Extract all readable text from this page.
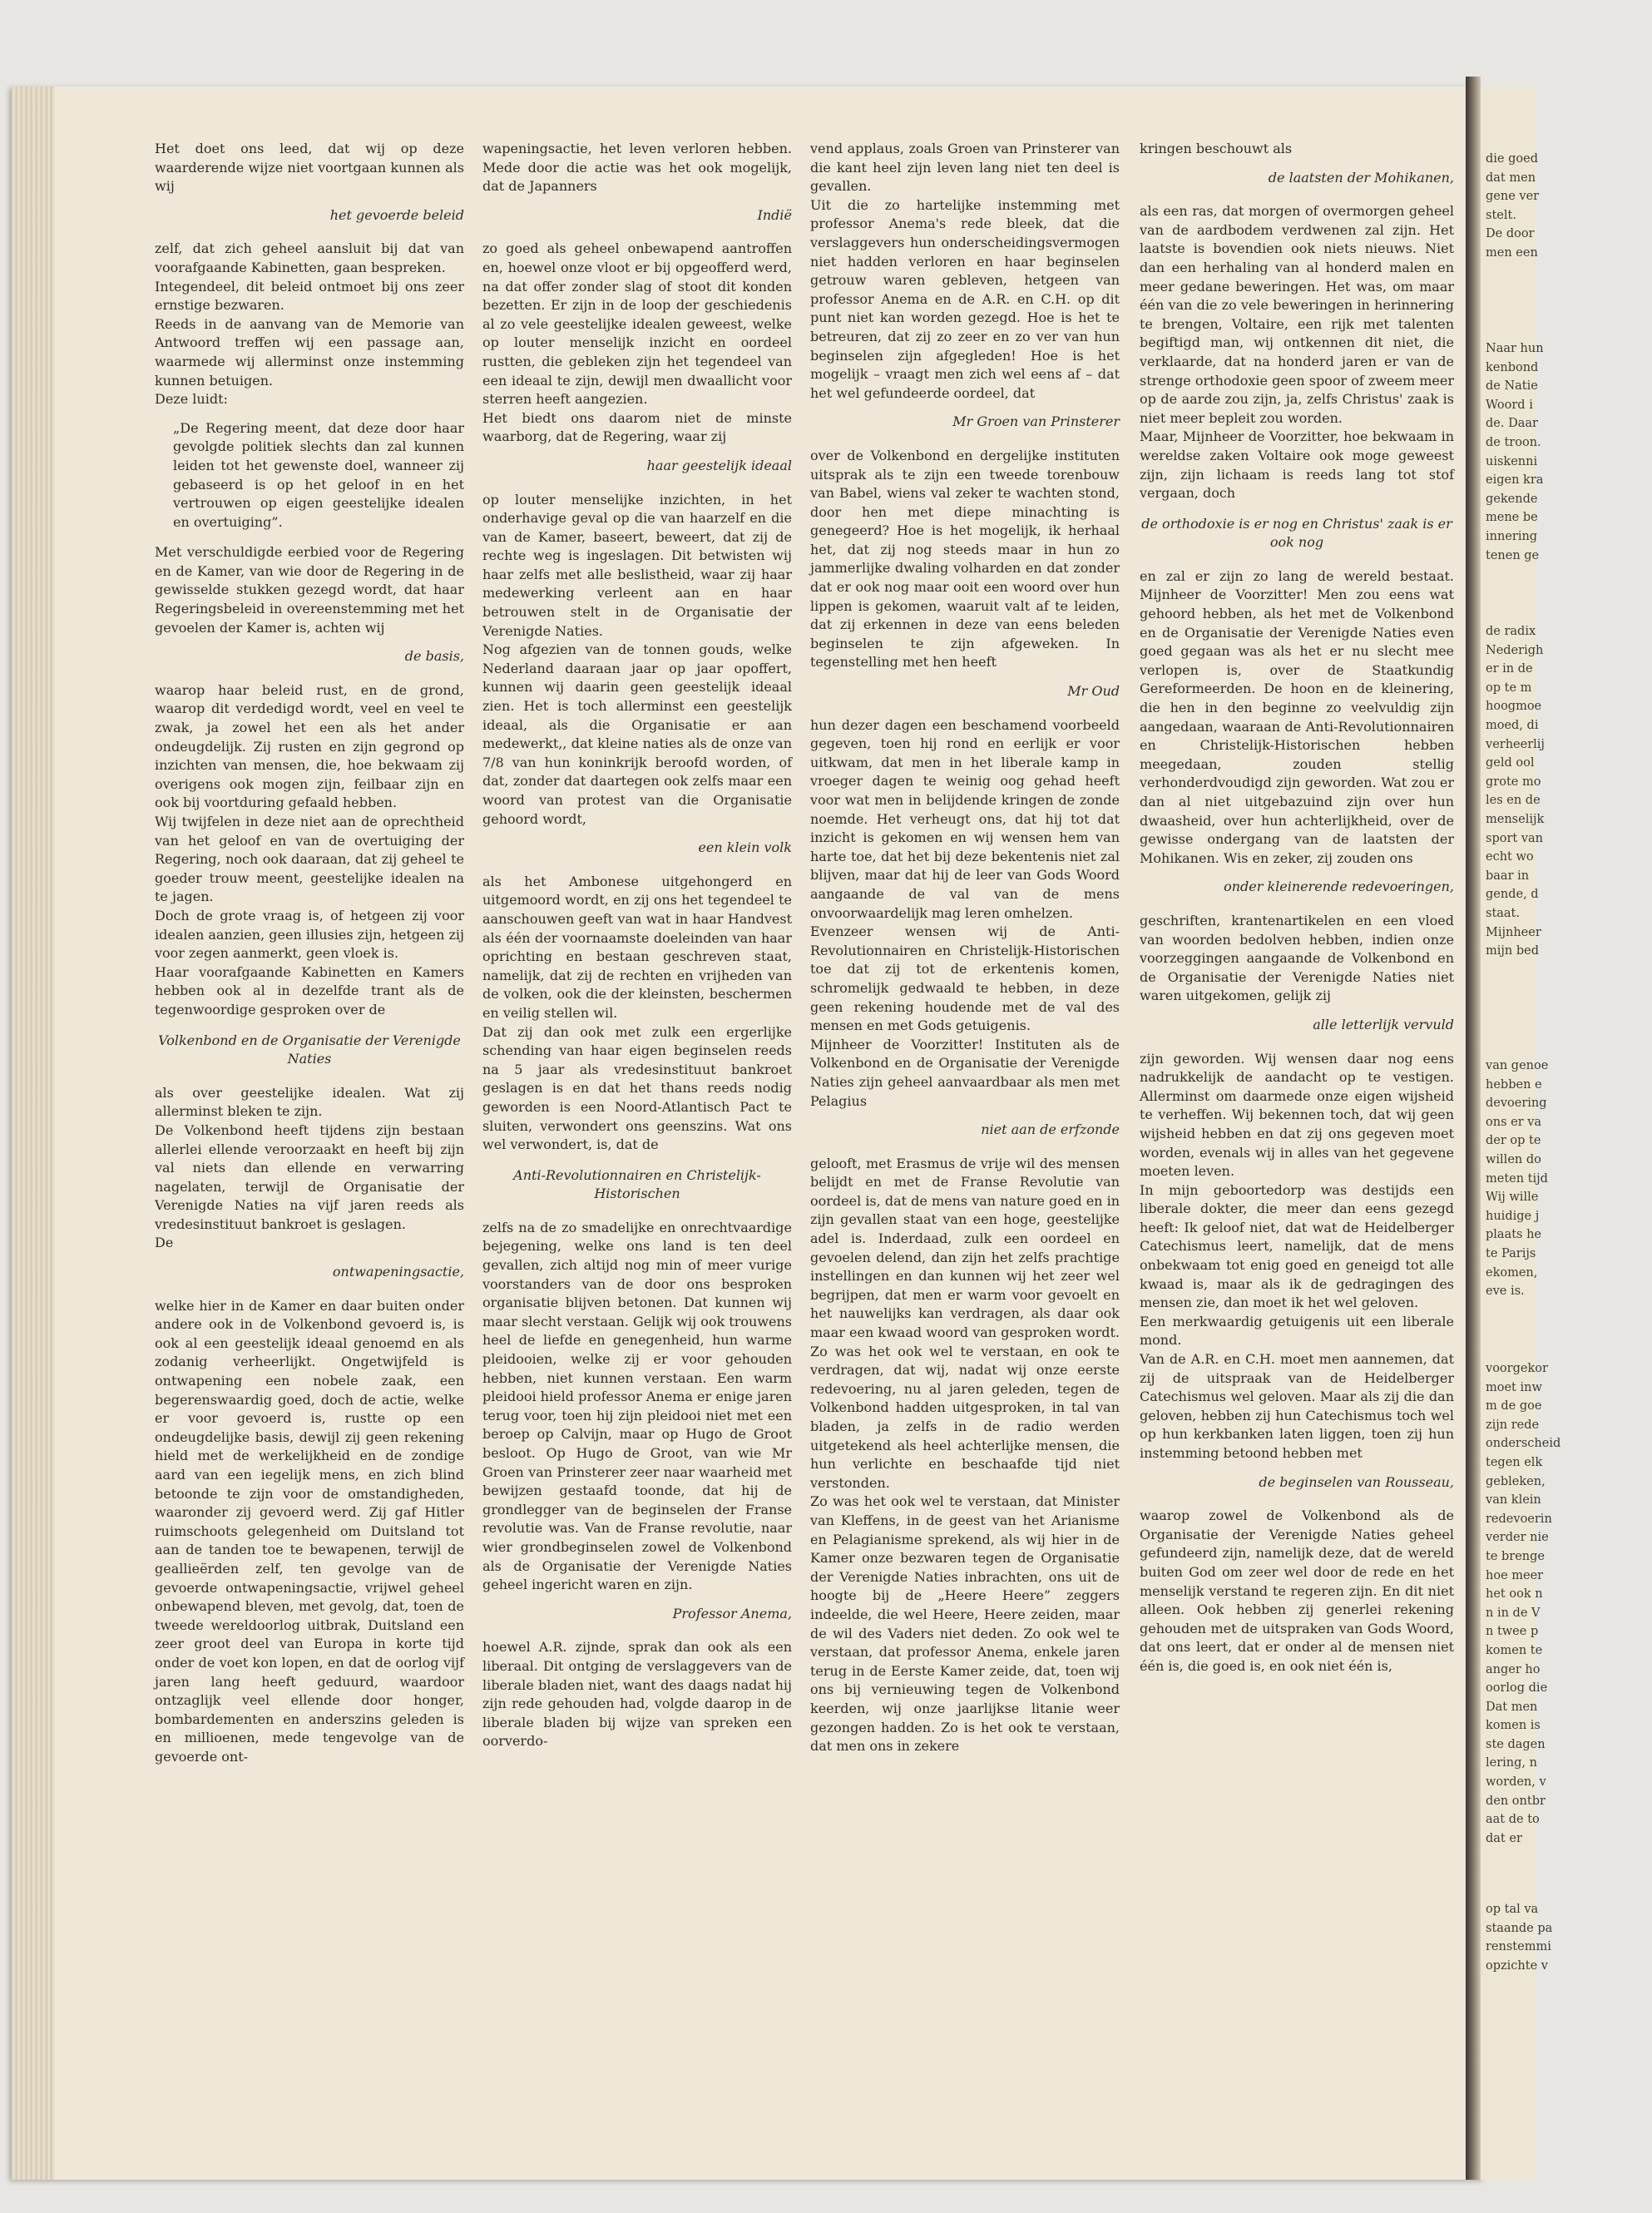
die goed
dat men
gene ver
stelt.
De door
men een
Naar hun
kenbond
de Natie
Woord i
de. Daar
de troon.
uiskenni
eigen kra
gekende
mene be
innering
tenen ge
de radix
Nederigh
er in de
op te m
hoogmoe
moed, di
verheerlij
geld ool
grote mo
les en de
menselijk
sport van
echt wo
baar in
gende, d
staat.
Mijnheer
mijn bed
van genoe
hebben e
devoering
ons er va
der op te
willen do
meten tijd
Wij wille
huidige j
plaats he
te Parijs
ekomen,
eve is.
voorgekor
moet inw
m de goe
zijn rede
onderscheid
tegen elk
gebleken,
van klein
redevoerin
verder nie
te brenge
hoe meer
het ook n
n in de V
n twee p
komen te
anger ho
oorlog die
Dat men
komen is
ste dagen
lering, n
worden, v
den ontbr
aat de to
dat er
op tal va
staande pa
renstemmi
opzichte v

Het doet ons leed, dat wij op deze waarderende wijze niet voortgaan kunnen als wij

het gevoerde beleid

zelf, dat zich geheel aansluit bij dat van voorafgaande Kabinetten, gaan bespreken.

Integendeel, dit beleid ontmoet bij ons zeer ernstige bezwaren.

Reeds in de aanvang van de Memorie van Antwoord treffen wij een passage aan, waarmede wij allerminst onze instemming kunnen betuigen.

Deze luidt:

„De Regering meent, dat deze door haar gevolgde politiek slechts dan zal kunnen leiden tot het gewenste doel, wanneer zij gebaseerd is op het geloof in en het vertrouwen op eigen geestelijke idealen en overtuiging”.

Met verschuldigde eerbied voor de Regering en de Kamer, van wie door de Regering in de gewisselde stukken gezegd wordt, dat haar Regeringsbeleid in overeenstemming met het gevoelen der Kamer is, achten wij

de basis,

waarop haar beleid rust, en de grond, waarop dit verdedigd wordt, veel en veel te zwak, ja zowel het een als het ander ondeugdelijk. Zij rusten en zijn gegrond op inzichten van mensen, die, hoe bekwaam zij overigens ook mogen zijn, feilbaar zijn en ook bij voortduring gefaald hebben.

Wij twijfelen in deze niet aan de oprechtheid van het geloof en van de overtuiging der Regering, noch ook daaraan, dat zij geheel te goeder trouw meent, geestelijke idealen na te jagen.

Doch de grote vraag is, of hetgeen zij voor idealen aanzien, geen illusies zijn, hetgeen zij voor zegen aanmerkt, geen vloek is.

Haar voorafgaande Kabinetten en Kamers hebben ook al in dezelfde trant als de tegenwoordige gesproken over de

Volkenbond en de Organisatie der Verenigde Naties

als over geestelijke idealen. Wat zij allerminst bleken te zijn.

De Volkenbond heeft tijdens zijn bestaan allerlei ellende veroorzaakt en heeft bij zijn val niets dan ellende en verwarring nagelaten, terwijl de Organisatie der Verenigde Naties na vijf jaren reeds als vredesinstituut bankroet is geslagen.

De

ontwapeningsactie,

welke hier in de Kamer en daar buiten onder andere ook in de Volkenbond gevoerd is, is ook al een geestelijk ideaal genoemd en als zodanig verheerlijkt. Ongetwijfeld is ontwapening een nobele zaak, een begerenswaardig goed, doch de actie, welke er voor gevoerd is, rustte op een ondeugdelijke basis, dewijl zij geen rekening hield met de werkelijkheid en de zondige aard van een iegelijk mens, en zich blind betoonde te zijn voor de omstandigheden, waaronder zij gevoerd werd. Zij gaf Hitler ruimschoots gelegenheid om Duitsland tot aan de tanden toe te bewapenen, terwijl de geallieërden zelf, ten gevolge van de gevoerde ontwapeningsactie, vrijwel geheel onbewapend bleven, met gevolg, dat, toen de tweede wereldoorlog uitbrak, Duitsland een zeer groot deel van Europa in korte tijd onder de voet kon lopen, en dat de oorlog vijf jaren lang heeft geduurd, waardoor ontzaglijk veel ellende door honger, bombardementen en anderszins geleden is en millioenen, mede tengevolge van de gevoerde ont-

wapeningsactie, het leven verloren hebben. Mede door die actie was het ook mogelijk, dat de Japanners

Indië

zo goed als geheel onbewapend aantroffen en, hoewel onze vloot er bij opgeofferd werd, na dat offer zonder slag of stoot dit konden bezetten. Er zijn in de loop der geschiedenis al zo vele geestelijke idealen geweest, welke op louter menselijk inzicht en oordeel rustten, die gebleken zijn het tegendeel van een ideaal te zijn, dewijl men dwaallicht voor sterren heeft aangezien.

Het biedt ons daarom niet de minste waarborg, dat de Regering, waar zij

haar geestelijk ideaal

op louter menselijke inzichten, in het onderhavige geval op die van haarzelf en die van de Kamer, baseert, beweert, dat zij de rechte weg is ingeslagen. Dit betwisten wij haar zelfs met alle beslistheid, waar zij haar medewerking verleent aan en haar betrouwen stelt in de Organisatie der Verenigde Naties.

Nog afgezien van de tonnen gouds, welke Nederland daaraan jaar op jaar opoffert, kunnen wij daarin geen geestelijk ideaal zien. Het is toch allerminst een geestelijk ideaal, als die Organisatie er aan medewerkt,, dat kleine naties als de onze van 7/8 van hun koninkrijk beroofd worden, of dat, zonder dat daartegen ook zelfs maar een woord van protest van die Organisatie gehoord wordt,

een klein volk

als het Ambonese uitgehongerd en uitgemoord wordt, en zij ons het tegendeel te aanschouwen geeft van wat in haar Handvest als één der voornaamste doeleinden van haar oprichting en bestaan geschreven staat, namelijk, dat zij de rechten en vrijheden van de volken, ook die der kleinsten, beschermen en veilig stellen wil.

Dat zij dan ook met zulk een ergerlijke schending van haar eigen beginselen reeds na 5 jaar als vredesinstituut bankroet geslagen is en dat het thans reeds nodig geworden is een Noord-Atlantisch Pact te sluiten, verwondert ons geenszins. Wat ons wel verwondert, is, dat de

Anti-Revolutionnairen en Christelijk-Historischen

zelfs na de zo smadelijke en onrechtvaardige bejegening, welke ons land is ten deel gevallen, zich altijd nog min of meer vurige voorstanders van de door ons besproken organisatie blijven betonen. Dat kunnen wij maar slecht verstaan. Gelijk wij ook trouwens heel de liefde en genegenheid, hun warme pleidooien, welke zij er voor gehouden hebben, niet kunnen verstaan. Een warm pleidooi hield professor Anema er enige jaren terug voor, toen hij zijn pleidooi niet met een beroep op Calvijn, maar op Hugo de Groot besloot. Op Hugo de Groot, van wie Mr Groen van Prinsterer zeer naar waarheid met bewijzen gestaafd toonde, dat hij de grondlegger van de beginselen der Franse revolutie was. Van de Franse revolutie, naar wier grondbeginselen zowel de Volkenbond als de Organisatie der Verenigde Naties geheel ingericht waren en zijn.

Professor Anema,

hoewel A.R. zijnde, sprak dan ook als een liberaal. Dit ontging de verslaggevers van de liberale bladen niet, want des daags nadat hij zijn rede gehouden had, volgde daarop in de liberale bladen bij wijze van spreken een oorverdo-

vend applaus, zoals Groen van Prinsterer van die kant heel zijn leven lang niet ten deel is gevallen.

Uit die zo hartelijke instemming met professor Anema's rede bleek, dat die verslaggevers hun onderscheidingsvermogen niet hadden verloren en haar beginselen getrouw waren gebleven, hetgeen van professor Anema en de A.R. en C.H. op dit punt niet kan worden gezegd. Hoe is het te betreuren, dat zij zo zeer en zo ver van hun beginselen zijn afgegleden! Hoe is het mogelijk – vraagt men zich wel eens af – dat het wel gefundeerde oordeel, dat

Mr Groen van Prinsterer

over de Volkenbond en dergelijke instituten uitsprak als te zijn een tweede torenbouw van Babel, wiens val zeker te wachten stond, door hen met diepe minachting is genegeerd? Hoe is het mogelijk, ik herhaal het, dat zij nog steeds maar in hun zo jammerlijke dwaling volharden en dat zonder dat er ook nog maar ooit een woord over hun lippen is gekomen, waaruit valt af te leiden, dat zij erkennen in deze van eens beleden beginselen te zijn afgeweken. In tegenstelling met hen heeft

Mr Oud

hun dezer dagen een beschamend voorbeeld gegeven, toen hij rond en eerlijk er voor uitkwam, dat men in het liberale kamp in vroeger dagen te weinig oog gehad heeft voor wat men in belijdende kringen de zonde noemde. Het verheugt ons, dat hij tot dat inzicht is gekomen en wij wensen hem van harte toe, dat het bij deze bekentenis niet zal blijven, maar dat hij de leer van Gods Woord aangaande de val van de mens onvoorwaardelijk mag leren omhelzen.

Evenzeer wensen wij de Anti-Revolutionnairen en Christelijk-Historischen toe dat zij tot de erkentenis komen, schromelijk gedwaald te hebben, in deze geen rekening houdende met de val des mensen en met Gods getuigenis.

Mijnheer de Voorzitter! Instituten als de Volkenbond en de Organisatie der Verenigde Naties zijn geheel aanvaardbaar als men met Pelagius

niet aan de erfzonde

gelooft, met Erasmus de vrije wil des mensen belijdt en met de Franse Revolutie van oordeel is, dat de mens van nature goed en in zijn gevallen staat van een hoge, geestelijke adel is. Inderdaad, zulk een oordeel en gevoelen delend, dan zijn het zelfs prachtige instellingen en dan kunnen wij het zeer wel begrijpen, dat men er warm voor gevoelt en het nauwelijks kan verdragen, als daar ook maar een kwaad woord van gesproken wordt. Zo was het ook wel te verstaan, en ook te verdragen, dat wij, nadat wij onze eerste redevoering, nu al jaren geleden, tegen de Volkenbond hadden uitgesproken, in tal van bladen, ja zelfs in de radio werden uitgetekend als heel achterlijke mensen, die hun verlichte en beschaafde tijd niet verstonden.

Zo was het ook wel te verstaan, dat Minister van Kleffens, in de geest van het Arianisme en Pelagianisme sprekend, als wij hier in de Kamer onze bezwaren tegen de Organisatie der Verenigde Naties inbrachten, ons uit de hoogte bij de „Heere Heere” zeggers indeelde, die wel Heere, Heere zeiden, maar de wil des Vaders niet deden. Zo ook wel te verstaan, dat professor Anema, enkele jaren terug in de Eerste Kamer zeide, dat, toen wij ons bij vernieuwing tegen de Volkenbond keerden, wij onze jaarlijkse litanie weer gezongen hadden. Zo is het ook te verstaan, dat men ons in zekere

kringen beschouwt als

de laatsten der Mohikanen,

als een ras, dat morgen of overmorgen geheel van de aardbodem verdwenen zal zijn. Het laatste is bovendien ook niets nieuws. Niet dan een herhaling van al honderd malen en meer gedane beweringen. Het was, om maar één van die zo vele beweringen in herinnering te brengen, Voltaire, een rijk met talenten begiftigd man, wij ontkennen dit niet, die verklaarde, dat na honderd jaren er van de strenge orthodoxie geen spoor of zweem meer op de aarde zou zijn, ja, zelfs Christus' zaak is niet meer bepleit zou worden.

Maar, Mijnheer de Voorzitter, hoe bekwaam in wereldse zaken Voltaire ook moge geweest zijn, zijn lichaam is reeds lang tot stof vergaan, doch

de orthodoxie is er nog en Christus' zaak is er ook nog

en zal er zijn zo lang de wereld bestaat. Mijnheer de Voorzitter! Men zou eens wat gehoord hebben, als het met de Volkenbond en de Organisatie der Verenigde Naties even goed gegaan was als het er nu slecht mee verlopen is, over de Staatkundig Gereformeerden. De hoon en de kleinering, die hen in den beginne zo veelvuldig zijn aangedaan, waaraan de Anti-Revolutionnairen en Christelijk-Historischen hebben meegedaan, zouden stellig verhonderdvoudigd zijn geworden. Wat zou er dan al niet uitgebazuind zijn over hun dwaasheid, over hun achterlijkheid, over de gewisse ondergang van de laatsten der Mohikanen. Wis en zeker, zij zouden ons

onder kleinerende redevoeringen,

geschriften, krantenartikelen en een vloed van woorden bedolven hebben, indien onze voorzeggingen aangaande de Volkenbond en de Organisatie der Verenigde Naties niet waren uitgekomen, gelijk zij

alle letterlijk vervuld

zijn geworden. Wij wensen daar nog eens nadrukkelijk de aandacht op te vestigen. Allerminst om daarmede onze eigen wijsheid te verheffen. Wij bekennen toch, dat wij geen wijsheid hebben en dat zij ons gegeven moet worden, evenals wij in alles van het gegevene moeten leven.

In mijn geboortedorp was destijds een liberale dokter, die meer dan eens gezegd heeft: Ik geloof niet, dat wat de Heidelberger Catechismus leert, namelijk, dat de mens onbekwaam tot enig goed en geneigd tot alle kwaad is, maar als ik de gedragingen des mensen zie, dan moet ik het wel geloven.

Een merkwaardig getuigenis uit een liberale mond.

Van de A.R. en C.H. moet men aannemen, dat zij de uitspraak van de Heidelberger Catechismus wel geloven. Maar als zij die dan geloven, hebben zij hun Catechismus toch wel op hun kerkbanken laten liggen, toen zij hun instemming betoond hebben met

de beginselen van Rousseau,

waarop zowel de Volkenbond als de Organisatie der Verenigde Naties geheel gefundeerd zijn, namelijk deze, dat de wereld buiten God om zeer wel door de rede en het menselijk verstand te regeren zijn. En dit niet alleen. Ook hebben zij generlei rekening gehouden met de uitspraken van Gods Woord, dat ons leert, dat er onder al de mensen niet één is, die goed is, en ook niet één is,
